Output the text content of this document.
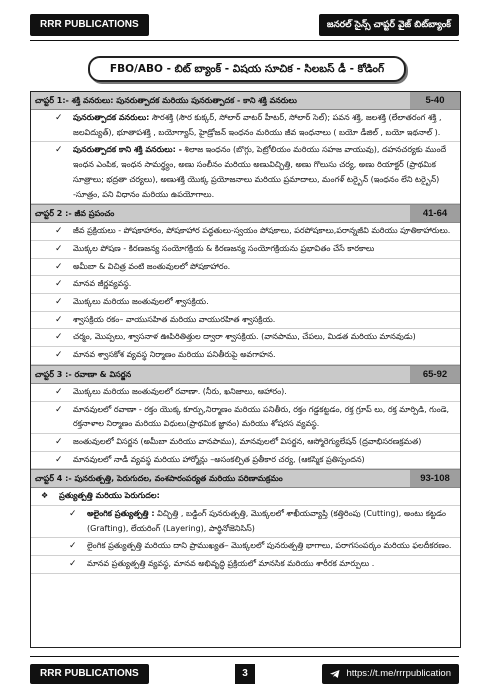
RRR PUBLICATIONS	జనరల్ సైన్స్ చాప్టర్ వైజ్ బిట్‌బ్యాంక్
FBO/ABO - బిట్ బ్యాంక్ - విషయ సూచిక - సిలబస్ డీ - కోడింగ్
చాప్టర్ 1:- శక్తి వనరులు: పునరుత్పాదక మరియు పునరుత్పాదక - కాని శక్తి వనరులు	5-40
✓ పునరుత్పాదక వనరులు: సౌరశక్తి (సౌర కుక్కర్, సోలార్ వాటర్ హీటర్, సోలార్ సెల్); పవన శక్తి, జలశక్తి (లేలాతరంగ శక్తి , జలవిద్యుత్), భూతాపశక్తి , బయోగ్యాస్, హైడ్రోజన్ ఇంధనం మరియు జీవ ఇంధనాలు ( బయో డీజిల్ , బయో ఇథనాల్ ).
✓ పునరుత్పాదక కాని శక్తి వనరులు: - శిలాజ ఇంధనం (బొగ్గు, పెట్రోలియం మరియు సహజ వాయువు), దహనచర్యకు ముందే ఇంధన ఎంపిక, ఇంధన సామర్థ్యం, అణు సంలీనం మరియు అణువిచ్ఛిత్తి, అణు గొలుసు చర్య, అణు రియాక్టర్ (ప్రాథమిక సూత్రాలు; భద్రతా చర్యలు), అణుశక్తి యొక్క ప్రయోజనాలు మరియు ప్రమాదాలు, మంగళ్ టర్బైన్ (ఇంధనం లేని టర్బైన్) -సూత్రం, పని విధానం మరియు ఉపయోగాలు.
చాప్టర్ 2 :- జీవ ప్రపంచం	41-64
✓ జీవ ప్రక్రియలు - పోషకాహారం, పోషకాహార పద్ధతులు-స్వయం పోషకాలు, పరపోషకాలు,పరాన్నజీవి మరియు పూతికాహారులు.
✓ మొక్కల పోషణ - కిరణజన్య సంయోగక్రియ & కిరణజన్య సంయోగక్రియను ప్రభావితం చేసే కారకాలు
✓ అమీబా & విచిత్ర వంటి జంతువులలో పోషకాహారం.
✓ మానవ జీర్ణవ్యవస్థ.
✓ మొక్కలు మరియు జంతువులలో శ్వాసక్రియ.
✓ శ్వాసక్రియ రకం– వాయుసహిత మరియు వాయురహిత శ్వాసక్రియ.
✓ చర్మం, మొప్పలు, శ్వాసనాళ ఊపిరితిత్తుల ద్వారా శ్వాసక్రియ. (వానపాము, చేపలు, మిడత మరియు మానవుడు)
✓ మానవ శ్వాసకోశ వ్యవస్థ నిర్మాణం మరియు పనితీరుపై అవగాహన.
చాప్టర్ 3 :- రవాణా & విసర్జన	65-92
✓ మొక్కలు మరియు జంతువులలో రవాణా. (నీరు, ఖనిజాలు, ఆహారం).
✓ మానవులలో రవాణా - రక్తం యొక్క కూర్పు,నిర్మాణం మరియు పనితీరు, రక్తం గడ్డకట్టడం, రక్త గ్రూప్ లు, రక్త మార్పిడి, గుండె, రక్తనాళాల నిర్మాణం మరియు విధులు(ప్రాథమిక జ్ఞానం) మరియు శోషరస వ్యవస్థ.
✓ జంతువులలో విసర్జన (అమీబా మరియు వానపాము), మానవులలో విసర్జన, ఆస్మోరెగ్యులేషన్ (ద్రవాభిసరణక్రమత)
✓ మానవులలో నాడీ వ్యవస్థ మరియు హార్మోన్లు –అసంకల్పిత ప్రతీకార చర్య, (ఆకస్మిక ప్రతిస్పందన)
చాప్టర్ 4 :- పునరుత్పత్తి, పెరుగుదల, వంశపారంపర్యత మరియు పరిణామక్రమం	93-108
❖ ప్రత్యుత్పత్తి మరియు పెరుగుదల:
✓ అలైంగిక ప్రత్యుత్పత్తి : విచ్ఛిత్తి , బడ్డింగ్ పునరుత్పత్తి, మొక్కలలో శాఖీయవ్యాప్తి (కత్తిరింపు (Cutting), అంటు కట్టడం (Grafting), లేయరింగ్ (Layering), పార్థినోజెనిసిస్)
✓ లైంగిక ప్రత్యుత్పత్తి మరియు దాని ప్రాముఖ్యత– మొక్కలలో పునరుత్పత్తి భాగాలు, పరాగసంపర్కం మరియు ఫలదీకరణం.
✓ మానవ ప్రత్యుత్పత్తి వ్యవస్థ, మానవ అభివృద్ధి ప్రక్రియలో మానసిక మరియు శారీరక మార్పులు .
RRR PUBLICATIONS	3	https://t.me/rrrpublication
